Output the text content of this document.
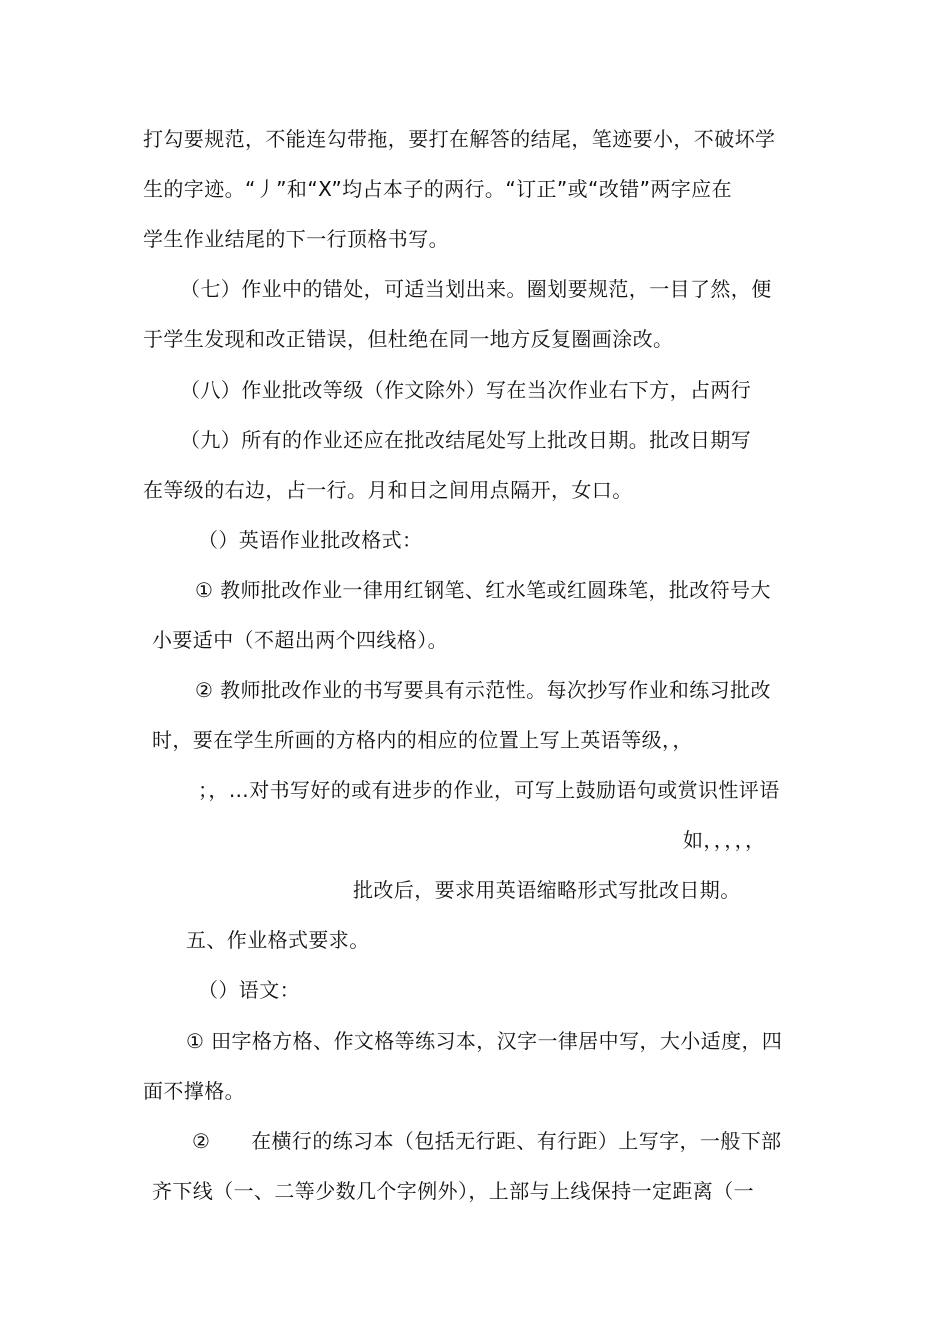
打勾要规范，不能连勾带拖，要打在解答的结尾，笔迹要小，不破坏学
生的字迹。“丿”和“X”均占本子的两行。“订正”或“改错”两字应在
学生作业结尾的下一行顶格书写。
（七）作业中的错处，可适当划出来。圈划要规范，一目了然，便
于学生发现和改正错误，但杜绝在同一地方反复圈画涂改。
（八）作业批改等级（作文除外）写在当次作业右下方，占两行
（九）所有的作业还应在批改结尾处写上批改日期。批改日期写
在等级的右边，占一行。月和日之间用点隔开，女口。
（）英语作业批改格式：
① 教师批改作业一律用红钢笔、红水笔或红圆珠笔，批改符号大
小要适中（不超出两个四线格）。
② 教师批改作业的书写要具有示范性。每次抄写作业和练习批改
时，要在学生所画的方格内的相应的位置上写上英语等级，，
；，…对书写好的或有进步的作业，可写上鼓励语句或赏识性评语
如，，，，，
批改后，要求用英语缩略形式写批改日期。
五、作业格式要求。
（）语文：
① 田字格方格、作文格等练习本，汉字一律居中写，大小适度，四
面不撑格。
②　　在横行的练习本（包括无行距、有行距）上写字，一般下部
齐下线（一、二等少数几个字例外），上部与上线保持一定距离（一
